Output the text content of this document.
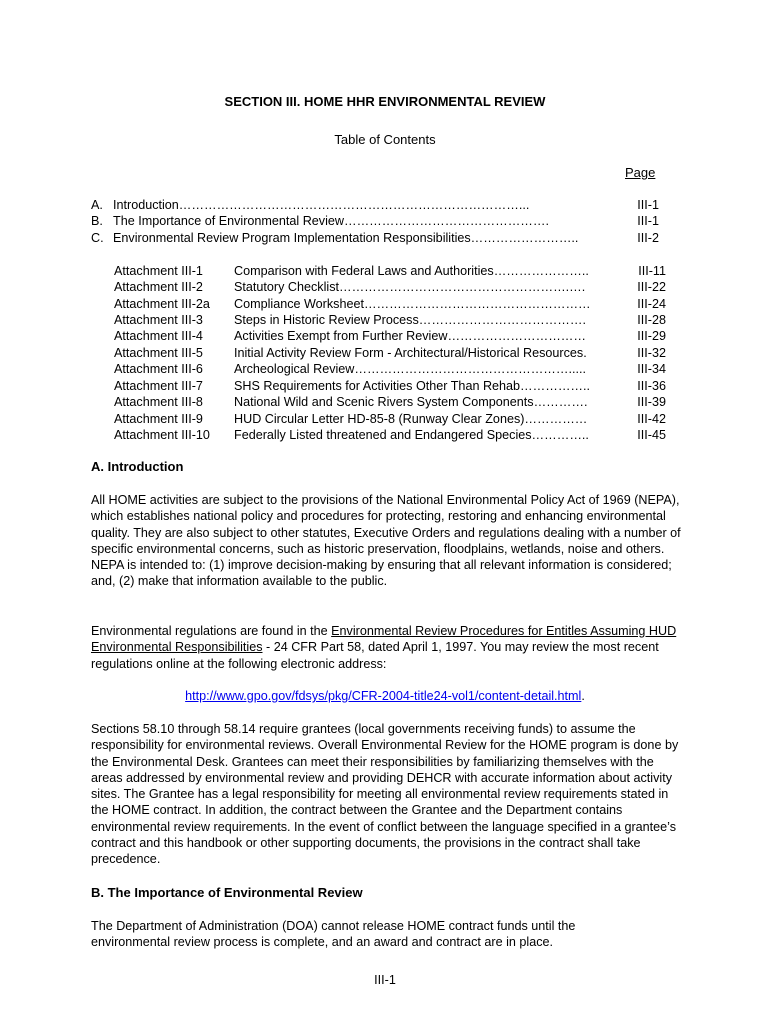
SECTION III. HOME HHR ENVIRONMENTAL REVIEW
Table of Contents
Page
A. Introduction………………………………………………………………………...	III-1
B. The Importance of Environmental Review………………………………………….	III-1
C. Environmental Review Program Implementation Responsibilities……………………..	III-2
Attachment III-1 Comparison with Federal Laws and Authorities…………………..	III-11
Attachment III-2 Statutory Checklist……………………………………………….….	III-22
Attachment III-2a Compliance Worksheet………………………………………………	III-24
Attachment III-3 Steps in Historic Review Process………………………………….	III-28
Attachment III-4 Activities Exempt from Further Review……………………………	III-29
Attachment III-5 Initial Activity Review Form - Architectural/Historical Resources.	III-32
Attachment III-6 Archeological Review…………………………………………….....	III-34
Attachment III-7 SHS Requirements for Activities Other Than Rehab……………..	III-36
Attachment III-8 National Wild and Scenic Rivers System Components………….	III-39
Attachment III-9 HUD Circular Letter HD-85-8 (Runway Clear Zones)……………	III-42
Attachment III-10 Federally Listed threatened and Endangered Species…………..	III-45
A. Introduction
All HOME activities are subject to the provisions of the National Environmental Policy Act of 1969 (NEPA), which establishes national policy and procedures for protecting, restoring and enhancing environmental quality. They are also subject to other statutes, Executive Orders and regulations dealing with a number of specific environmental concerns, such as historic preservation, floodplains, wetlands, noise and others. NEPA is intended to: (1) improve decision-making by ensuring that all relevant information is considered; and, (2) make that information available to the public.
Environmental regulations are found in the Environmental Review Procedures for Entitles Assuming HUD Environmental Responsibilities - 24 CFR Part 58, dated April 1, 1997. You may review the most recent regulations online at the following electronic address:
http://www.gpo.gov/fdsys/pkg/CFR-2004-title24-vol1/content-detail.html.
Sections 58.10 through 58.14 require grantees (local governments receiving funds) to assume the responsibility for environmental reviews. Overall Environmental Review for the HOME program is done by the Environmental Desk. Grantees can meet their responsibilities by familiarizing themselves with the areas addressed by environmental review and providing DEHCR with accurate information about activity sites. The Grantee has a legal responsibility for meeting all environmental review requirements stated in the HOME contract. In addition, the contract between the Grantee and the Department contains environmental review requirements. In the event of conflict between the language specified in a grantee’s contract and this handbook or other supporting documents, the provisions in the contract shall take precedence.
B. The Importance of Environmental Review
The Department of Administration (DOA) cannot release HOME contract funds until the environmental review process is complete, and an award and contract are in place.
III-1
